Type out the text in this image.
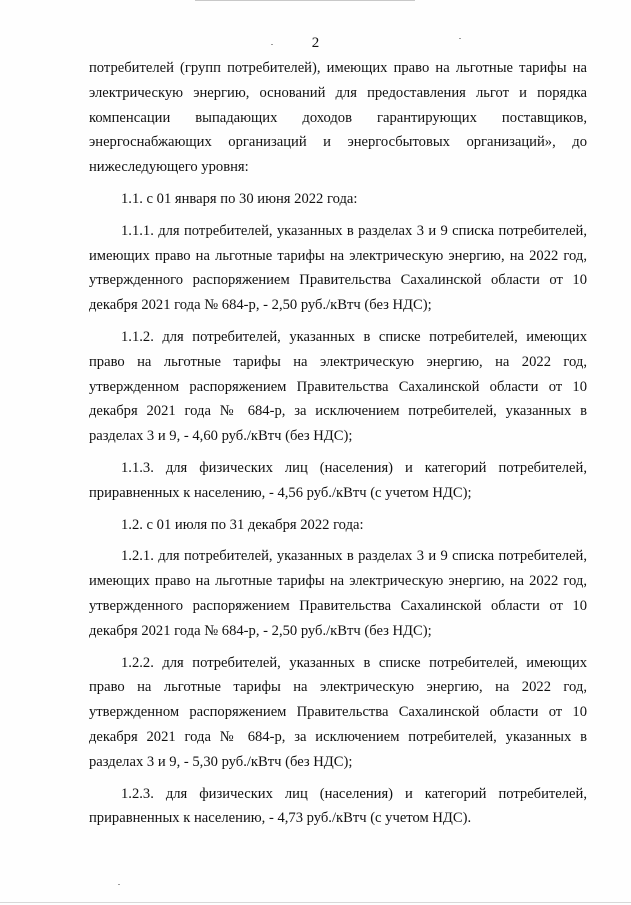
2

потребителей (групп потребителей), имеющих право на льготные тарифы на электрическую энергию, оснований для предоставления льгот и порядка компенсации выпадающих доходов гарантирующих поставщиков, энергоснабжающих организаций и энергосбытовых организаций», до нижеследующего уровня:

1.1. с 01 января по 30 июня 2022 года:

1.1.1. для потребителей, указанных в разделах 3 и 9 списка потребителей, имеющих право на льготные тарифы на электрическую энергию, на 2022 год, утвержденного распоряжением Правительства Сахалинской области от 10 декабря 2021 года № 684-р, - 2,50 руб./кВтч (без НДС);

1.1.2. для потребителей, указанных в списке потребителей, имеющих право на льготные тарифы на электрическую энергию, на 2022 год, утвержденном распоряжением Правительства Сахалинской области от 10 декабря 2021 года № 684-р, за исключением потребителей, указанных в разделах 3 и 9, - 4,60 руб./кВтч (без НДС);

1.1.3. для физических лиц (населения) и категорий потребителей, приравненных к населению, - 4,56 руб./кВтч (с учетом НДС);

1.2. с 01 июля по 31 декабря 2022 года:

1.2.1. для потребителей, указанных в разделах 3 и 9 списка потребителей, имеющих право на льготные тарифы на электрическую энергию, на 2022 год, утвержденного распоряжением Правительства Сахалинской области от 10 декабря 2021 года № 684-р, - 2,50 руб./кВтч (без НДС);

1.2.2. для потребителей, указанных в списке потребителей, имеющих право на льготные тарифы на электрическую энергию, на 2022 год, утвержденном распоряжением Правительства Сахалинской области от 10 декабря 2021 года № 684-р, за исключением потребителей, указанных в разделах 3 и 9, - 5,30 руб./кВтч (без НДС);

1.2.3. для физических лиц (населения) и категорий потребителей, приравненных к населению, - 4,73 руб./кВтч (с учетом НДС).
